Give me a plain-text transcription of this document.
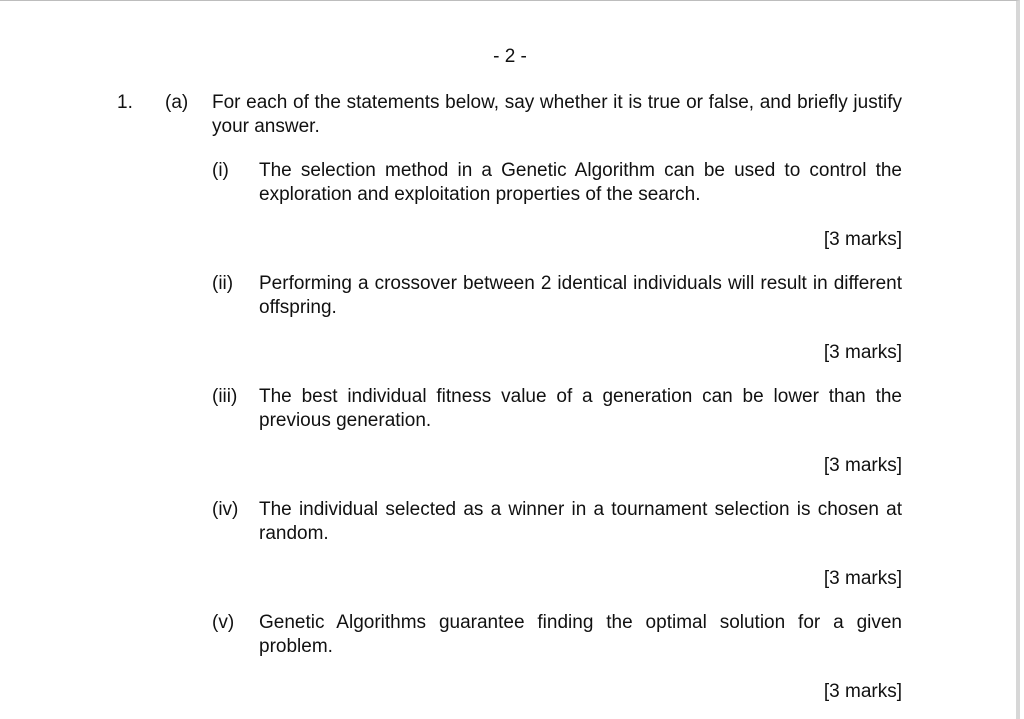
- 2 -
1. (a) For each of the statements below, say whether it is true or false, and briefly justify your answer.
(i) The selection method in a Genetic Algorithm can be used to control the exploration and exploitation properties of the search.
[3 marks]
(ii) Performing a crossover between 2 identical individuals will result in different offspring.
[3 marks]
(iii) The best individual fitness value of a generation can be lower than the previous generation.
[3 marks]
(iv) The individual selected as a winner in a tournament selection is chosen at random.
[3 marks]
(v) Genetic Algorithms guarantee finding the optimal solution for a given problem.
[3 marks]
